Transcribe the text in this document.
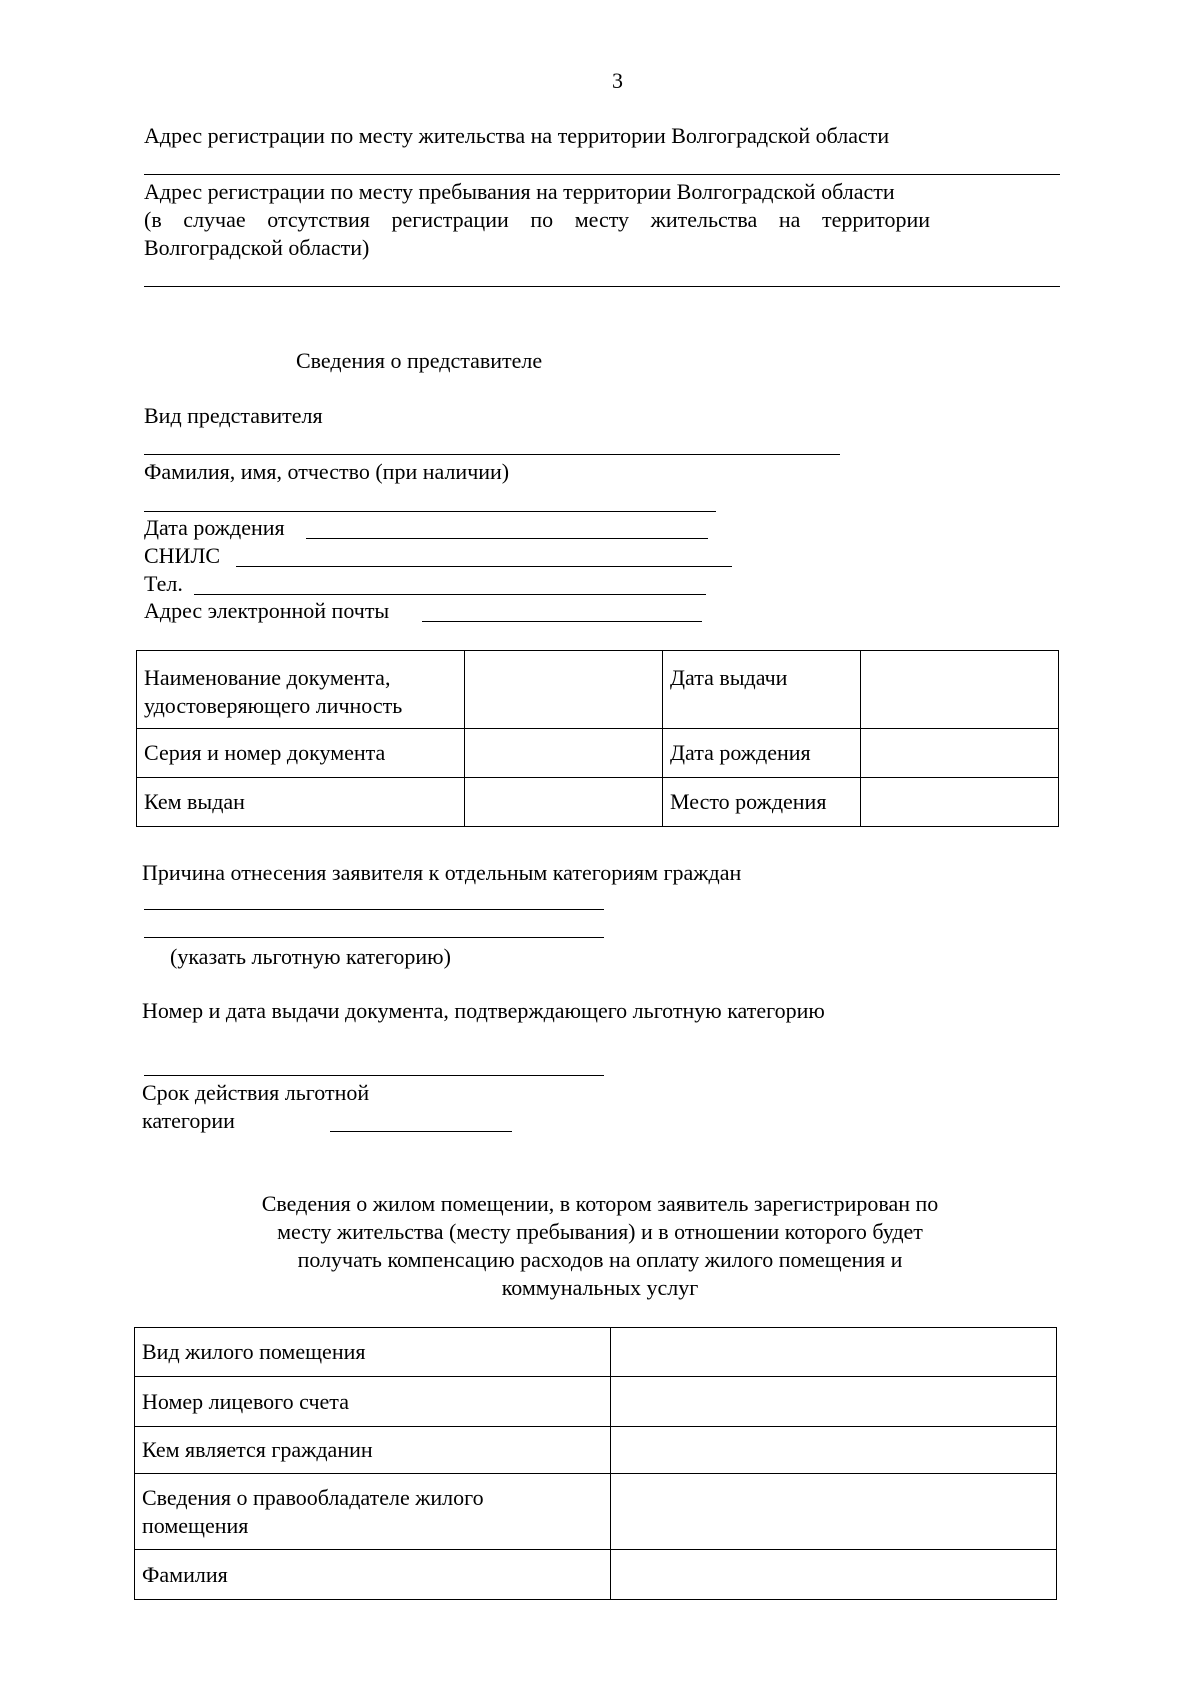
3
Адрес регистрации по месту жительства на территории Волгоградской области
Адрес регистрации по месту пребывания на территории Волгоградской области
(в случае отсутствия регистрации по месту жительства на территории
Волгоградской области)
Сведения о представителе
Вид представителя
Фамилия, имя, отчество (при наличии)
Дата рождения
СНИЛС
Тел.
Адрес электронной почты
Наименование документа,
удостоверяющего личность		Дата выдачи	

Серия и номер документа		Дата рождения	

Кем выдан		Место рождения	

Причина отнесения заявителя к отдельным категориям граждан
(указать льготную категорию)
Номер и дата выдачи документа, подтверждающего льготную категорию
Срок действия льготной
категории
Сведения о жилом помещении, в котором заявитель зарегистрирован по
месту жительства (месту пребывания) и в отношении которого будет
получать компенсацию расходов на оплату жилого помещения и
коммунальных услуг
Вид жилого помещения	

Номер лицевого счета	

Кем является гражданин	

Сведения о правообладателе жилого
помещения	

Фамилия	
